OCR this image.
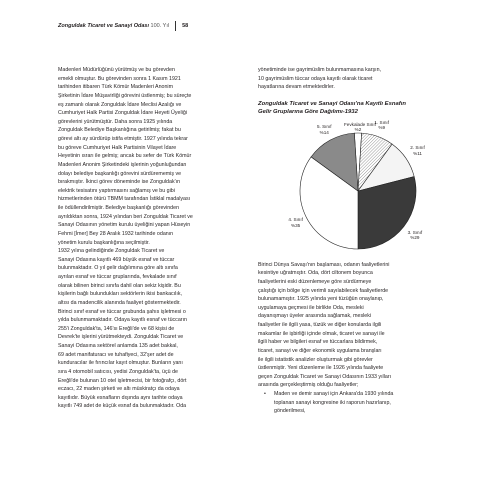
Zonguldak Ticaret ve Sanayi Odası 100. Yıl 58

Madenleri Müdürlüğünü yürütmüş ve bu görevden

emekli olmuştur. Bu görevinden sonra 1 Kasım 1921

tarihinden itibaren Türk Kömür Madenleri Anonim

Şirketinin İdare Müşavirliği görevini üstlenmiş; bu süreçte

eş zamanlı olarak Zonguldak İdare Meclisi Azalığı ve

Cumhuriyet Halk Partisi Zonguldak İdare Heyeti Üyeliği

görevlerini yürütmüştür. Daha sonra 1925 yılında

Zonguldak Belediye Başkanlığına getirilmiş; fakat bu

görevi altı ay sürdürüp istifa etmiştir. 1927 yılında tekrar

bu göreve Cumhuriyet Halk Partisinin Vilayet İdare

Heyetinin ısrarı ile gelmiş; ancak bu sefer de Türk Kömür

Madenleri Anonim Şirketindeki işlerinin yoğunluğundan

dolayı belediye başkanlığı görevini sürdürememiş ve

bırakmıştır. İkinci görev döneminde ise Zonguldak'ın

elektrik tesisatını yaptırmasını sağlamış ve bu gibi

hizmetlerinden ötürü TBMM tarafından İstiklal madalyası

ile ödüllendirilmiştir. Belediye başkanlığı görevinden

ayrıldıktan sonra, 1924 yılından beri Zonguldak Ticaret ve

Sanayi Odasının yönetim kurulu üyeliğini yapan Hüseyin

Fehmi [İmer] Bey 28 Aralık 1932 tarihinde odanın

yönetim kurulu başkanlığına seçilmiştir.

1932 yılına gelindiğinde Zonguldak Ticaret ve

Sanayi Odasına kayıtlı 469 büyük esnaf ve tüccar

bulunmaktadır. O yıl gelir dağılımına göre altı sınıfa

ayrılan esnaf ve tüccar gruplarında, fevkalade sınıf

olarak bilinen birinci sınıfa dahil olan sekiz kişidir. Bu

kişilerin bağlı bulundukları sektörlerin ikisi bankacılık,

altısı da madencilik alanında faaliyet göstermektedir.

Birinci sınıf esnaf ve tüccar grubunda şahıs işletmesi o

yılda bulunmamaktadır. Odaya kayıtlı esnaf ve tüccarın

255'i Zonguldak'ta, 146'sı Ereğli'de ve 68 kişisi de

Devrek'te işlerini yürütmekteydi. Zonguldak Ticaret ve

Sanayi Odasına sektörel anlamda 135 adet bakkal,

69 adet manifaturacı ve tuhafiyeci, 32'şer adet de

kunduracılar ile fırıncılar kayıt olmuştur. Bunların yanı

sıra 4 otomobil satıcısı, yedisi Zonguldak'ta, üçü de

Ereğli'de bulunan 10 otel işletmecisi, bir fotoğrafçı, dört

eczacı, 22 maden şirketi ve altı müskiratçı da odaya

kayıtlıdır. Büyük esnafların dışında aynı tarihte odaya

kayıtlı 749 adet de küçük esnaf da bulunmaktadır. Oda

yönetiminde ise gayrimüslim bulunmamasına karşın,

10 gayrimüslim tüccar odaya kayıtlı olarak ticaret

hayatlarına devam etmektedirler.

Zonguldak Ticaret ve Sanayi Odası'na Kayıtlı Esnafın
Gelir Gruplarına Göre Dağılımı-1932

Fevkalade Sınıf
%2
1. Sınıf
%9
2. Sınıf
%11
3. Sınıf
%29
4. Sınıf
%35
5. Sınıf
%14

Birinci Dünya Savaşı'nın başlaması, odanın faaliyetlerini

kesintiye uğratmıştır. Oda, dört ciltonem boyunca

faaliyetlerini eski düzenlemeye göre sürdürmeye

çalıştığı için bölge için verimli sayılabilecek faaliyetlerde

bulunamamıştır. 1925 yılında yeni tüzüğün onaylanıp,

uygulamaya geçmesi ile birlikte Oda, mesleki

dayanışmayı üyeler arasında sağlamak, mesleki

faaliyetler ile ilgili yasa, tüzük ve diğer konularda ilgili

makamlar ile işbirliği içinde olmak, ticaret ve sanayi ile

ilgili haber ve bilgileri esnaf ve tüccarlara bildirmek,

ticaret, sanayi ve diğer ekonomik uygulama branşları

ile ilgili istatistik analizler oluşturmak gibi görevler

üstlenmiştir. Yeni düzenleme ile 1926 yılında faaliyete

geçen Zonguldak Ticaret ve Sanayi Odasının 1933 yılları

arasında gerçekleştirmiş olduğu faaliyetler;

• Maden ve demir sanayi için Ankara'da 1930 yılında
toplanan sanayi kongresine iki raporun hazırlanıp,
gönderilmesi,
